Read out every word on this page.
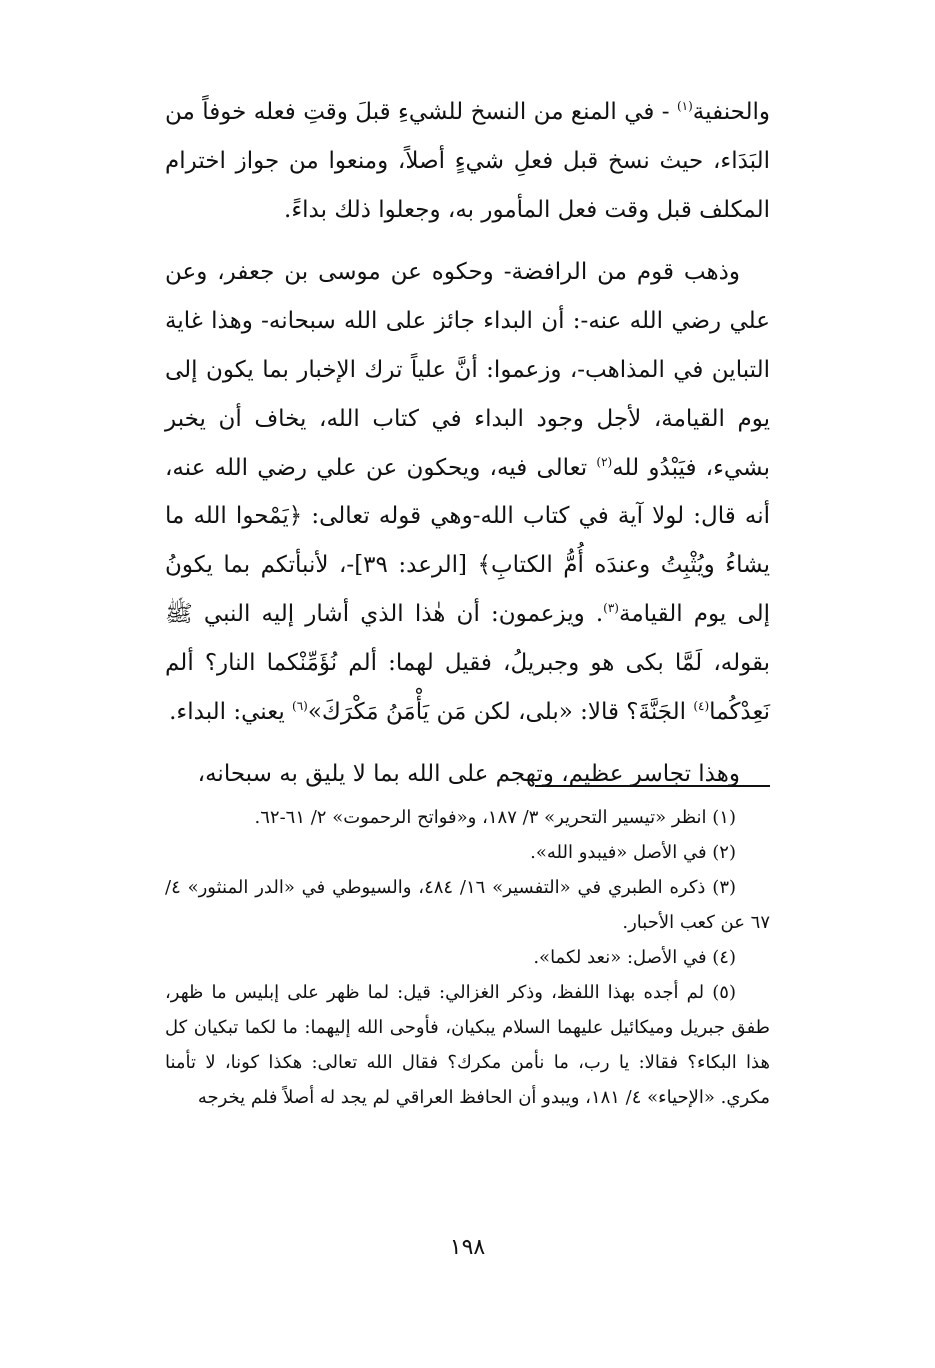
والحنفية$^{(١)}$ - في المنع من النسخ للشيءِ قبلَ وقتِ فعله خوفاً من البَدَاء، حيث نسخ قبل فعلِ شيءٍ أصلاً، ومنعوا من جواز اخترام المكلف قبل وقت فعل المأمور به، وجعلوا ذلك بداءً.

وذهب قوم من الرافضة- وحكوه عن موسى بن جعفر، وعن علي رضي الله عنه-: أن البداء جائز على الله سبحانه- وهذا غاية التباين في المذاهب-، وزعموا: أنَّ علياً ترك الإخبار بما يكون إلى يوم القيامة، لأجل وجود البداء في كتاب الله، يخاف أن يخبر بشيء، فيَبْدُو لله$^{(٢)}$ تعالى فيه، ويحكون عن علي رضي الله عنه، أنه قال: لولا آية في كتاب الله-وهي قوله تعالى: ﴿يَمْحوا الله ما يشاءُ ويُثْبِتُ وعندَه أُمُّ الكتابِ﴾ [الرعد: ٣٩]-، لأنبأتكم بما يكونُ إلى يوم القيامة$^{(٣)}$. ويزعمون: أن هٰذا الذي أشار إليه النبي ﷺ بقوله، لَمَّا بكى هو وجبريلُ، فقيل لهما: ألم نُؤَمِّنْكما النار؟ ألم نَعِدْكُما$^{(٤)}$ الجَنَّةَ؟ قالا: «بلى، لكن مَن يَأْمَنُ مَكْرَكَ»$^{(٦)}$ يعني: البداء.

وهذا تجاسر عظيم، وتهجم على الله بما لا يليق به سبحانه،

(١) انظر «تيسير التحرير» ٣/ ١٨٧، و«فواتح الرحموت» ٢/ ٦١-٦٢.

(٢) في الأصل «فيبدو الله».

(٣) ذكره الطبري في «التفسير» ١٦/ ٤٨٤، والسيوطي في «الدر المنثور» ٤/ ٦٧ عن كعب الأحبار.

(٤) في الأصل: «نعد لكما».

(٥) لم أجده بهذا اللفظ، وذكر الغزالي: قيل: لما ظهر على إبليس ما ظهر، طفق جبريل وميكائيل عليهما السلام يبكيان، فأوحى الله إليهما: ما لكما تبكيان كل هذا البكاء؟ فقالا: يا رب، ما نأمن مكرك؟ فقال الله تعالى: هكذا كونا، لا تأمنا مكري. «الإحياء» ٤/ ١٨١، ويبدو أن الحافظ العراقي لم يجد له أصلاً فلم يخرجه

١٩٨
